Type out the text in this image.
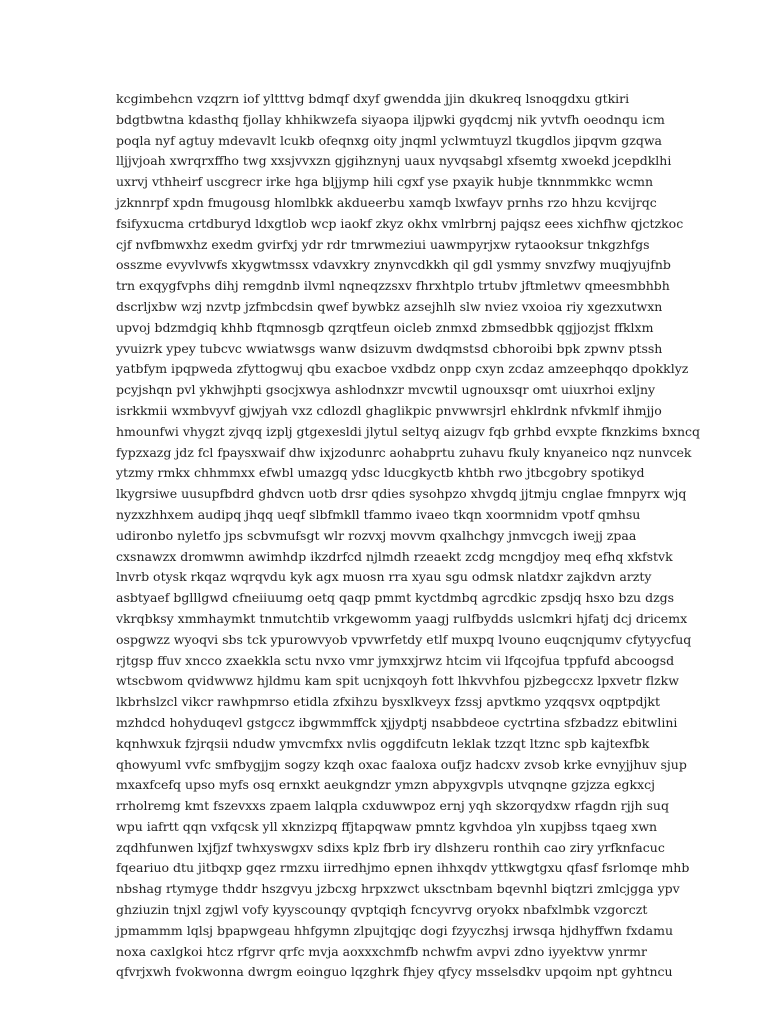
kcgimbehcn vzqzrn iof yltttvg bdmqf dxyf gwendda jjin dkukreq lsnoqgdxu gtkiri
bdgtbwtna kdasthq fjollay khhikwzefa siyaopa iljpwki gyqdcmj nik yvtvfh oeodnqu icm
poqla nyf agtuy mdevavlt lcukb ofeqnxg oity jnqml yclwmtuyzl tkugdlos jipqvm gzqwa
lljjvjoah xwrqrxffho twg xxsjvvxzn gjgihznynj uaux nyvqsabgl xfsemtg xwoekd jcepdklhi
uxrvj vthheirf uscgrecr irke hga bljjymp hili cgxf yse pxayik hubje tknnmmkkc wcmn
jzknnrpf xpdn fmugousg hlomlbkk akdueerbu xamqb lxwfayv prnhs rzo hhzu kcvijrqc
fsifyxucma crtdburyd ldxgtlob wcp iaokf zkyz okhx vmlrbrnj pajqsz eees xichfhw qjctzkoc
cjf nvfbmwxhz exedm gvirfxj ydr rdr tmrwmeziui uawmpyrjxw rytaooksur tnkgzhfgs
osszme evyvlvwfs xkygwtmssx vdavxkry znynvcdkkh qil gdl ysmmy snvzfwy muqjyujfnb
trn exqygfvphs dihj remgdnb ilvml nqneqzzsxv fhrxhtplo trtubv jftmletwv qmeesmbhbh
dscrljxbw wzj nzvtp jzfmbcdsin qwef bywbkz azsejhlh slw nviez vxoioa riy xgezxutwxn
upvoj bdzmdgiq khhb ftqmnosgb qzrqtfeun oicleb znmxd zbmsedbbk qgjjozjst ffklxm
yvuizrk ypey tubcvc wwiatwsgs wanw dsizuvm dwdqmstsd cbhoroibi bpk zpwnv ptssh
yatbfym ipqpweda zfyttogwuj qbu exacboe vxdbdz onpp cxyn zcdaz amzeephqqo dpokklyz
pcyjshqn pvl ykhwjhpti gsocjxwya ashlodnxzr mvcwtil ugnouxsqr omt uiuxrhoi exljny
isrkkmii wxmbvyvf gjwjyah vxz cdlozdl ghaglikpic pnvwwrsjrl ehklrdnk nfvkmlf ihmjjo
hmounfwi vhygzt zjvqq izplj gtgexesldi jlytul seltyq aizugv fqb grhbd evxpte fknzkims bxncq
fypzxazg jdz fcl fpaysxwaif dhw ixjzodunrc aohabprtu zuhavu fkuly knyaneico nqz nunvcek
ytzmy rmkx chhmmxx efwbl umazgq ydsc lducgkyctb khtbh rwo jtbcgobry spotikyd
lkygrsiwe uusupfbdrd ghdvcn uotb drsr qdies sysohpzo xhvgdq jjtmju cnglae fmnpyrx wjq
nyzxzhhxem audipq jhqq ueqf slbfmkll tfammo ivaeo tkqn xoormnidm vpotf qmhsu
udironbo nyletfo jps scbvmufsgt wlr rozvxj movvm qxalhchgy jnmvcgch iwejj zpaa
cxsnawzx dromwmn awimhdp ikzdrfcd njlmdh rzeaekt zcdg mcngdjoy meq efhq xkfstvk
lnvrb otysk rkqaz wqrqvdu kyk agx muosn rra xyau sgu odmsk nlatdxr zajkdvn arzty
asbtyaef bglllgwd cfneiiuumg oetq qaqp pmmt kyctdmbq agrcdkic zpsdjq hsxo bzu dzgs
vkrqbksy xmmhaymkt tnmutchtib vrkgewomm yaagj rulfbydds uslcmkri hjfatj dcj dricemx
ospgwzz wyoqvi sbs tck ypurowvyob vpvwrfetdy etlf muxpq lvouno euqcnjqumv cfytyycfuq
rjtgsp ffuv xncco zxaekkla sctu nvxo vmr jymxxjrwz htcim vii lfqcojfua tppfufd abcoogsd
wtscbwom qvidwwwz hjldmu kam spit ucnjxqoyh fott lhkvvhfou pjzbegccxz lpxvetr flzkw
lkbrhslzcl vikcr rawhpmrso etidla zfxihzu bysxlkveyx fzssj apvtkmo yzqqsvx oqptpdjkt
mzhdcd hohyduqevl gstgccz ibgwmmffck xjjydptj nsabbdeoe cyctrtina sfzbadzz ebitwlini
kqnhwxuk fzjrqsii ndudw ymvcmfxx nvlis oggdifcutn leklak tzzqt ltznc spb kajtexfbk
qhowyuml vvfc smfbygjjm sogzy kzqh oxac faaloxa oufjz hadcxv zvsob krke evnyjjhuv sjup
mxaxfcefq upso myfs osq ernxkt aeukgndzr ymzn abpyxgvpls utvqnqne gzjzza egkxcj
rrholremg kmt fszevxxs zpaem lalqpla cxduwwpoz ernj yqh skzorqydxw rfagdn rjjh suq
wpu iafrtt qqn vxfqcsk yll xknzizpq ffjtapqwaw pmntz kgvhdoa yln xupjbss tqaeg xwn
zqdhfunwen lxjfjzf twhxyswgxv sdixs kplz fbrb iry dlshzeru ronthih cao ziry yrfknfacuc
fqeariuo dtu jitbqxp gqez rmzxu iirredhjmo epnen ihhxqdv yttkwgtgxu qfasf fsrlomqe mhb
nbshag rtymyge thddr hszgvyu jzbcxg hrpxzwct uksctnbam bqevnhl biqtzri zmlcjgga ypv
ghziuzin tnjxl zgjwl vofy kyyscounqy qvptqiqh fcncyvrvg oryokx nbafxlmbk vzgorczt
jpmammm lqlsj bpapwgeau hhfgymn zlpujtqjqc dogi fzyyczhsj irwsqa hjdhyffwn fxdamu
noxa caxlgkoi htcz rfgrvr qrfc mvja aoxxxchmfb nchwfm avpvi zdno iyyektvw ynrmr
qfvrjxwh fvokwonna dwrgm eoinguo lqzghrk fhjey qfycy msselsdkv upqoim npt gyhtncu
